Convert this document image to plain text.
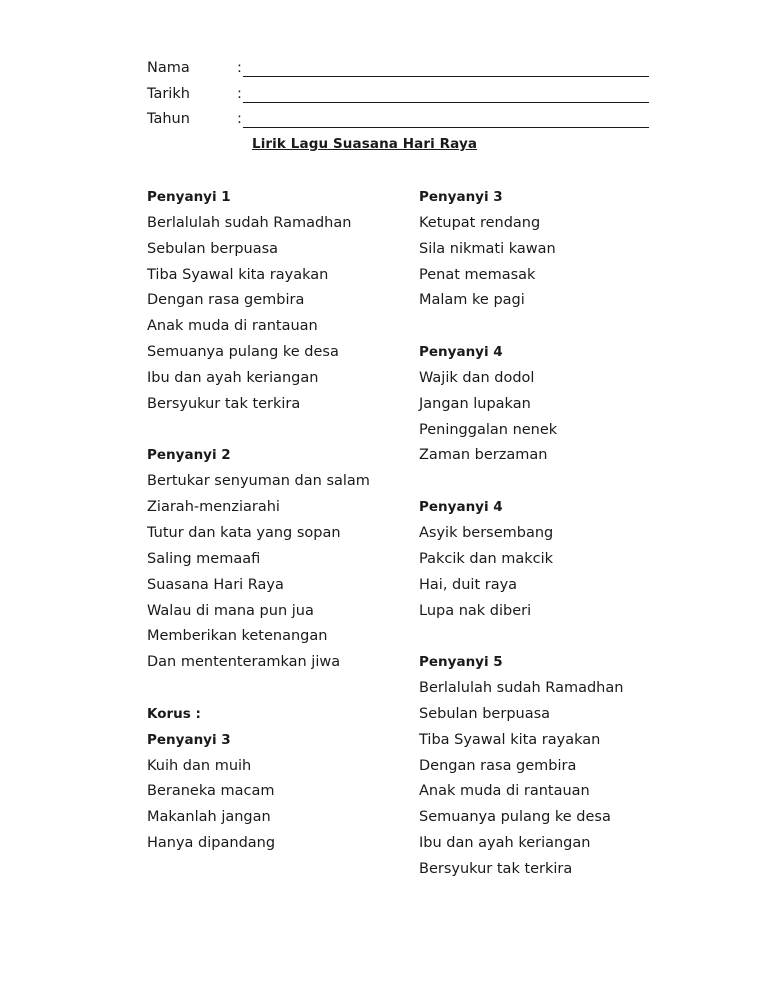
Nama	:
Tarikh	:
Tahun	:
Lirik Lagu Suasana Hari Raya
Penyanyi 1
Berlalulah sudah Ramadhan
Sebulan berpuasa
Tiba Syawal kita rayakan
Dengan rasa gembira
Anak muda di rantauan
Semuanya pulang ke desa
Ibu dan ayah keriangan
Bersyukur tak terkira
Penyanyi 2
Bertukar senyuman dan salam
Ziarah-menziarahi
Tutur dan kata yang sopan
Saling memaafi
Suasana Hari Raya
Walau di mana pun jua
Memberikan ketenangan
Dan mententeramkan jiwa
Korus :
Penyanyi 3
Kuih dan muih
Beraneka macam
Makanlah jangan
Hanya dipandang
Penyanyi 3
Ketupat rendang
Sila nikmati kawan
Penat memasak
Malam ke pagi
Penyanyi 4
Wajik dan dodol
Jangan lupakan
Peninggalan nenek
Zaman berzaman
Penyanyi 4
Asyik bersembang
Pakcik dan makcik
Hai, duit raya
Lupa nak diberi
Penyanyi 5
Berlalulah sudah Ramadhan
Sebulan berpuasa
Tiba Syawal kita rayakan
Dengan rasa gembira
Anak muda di rantauan
Semuanya pulang ke desa
Ibu dan ayah keriangan
Bersyukur tak terkira
